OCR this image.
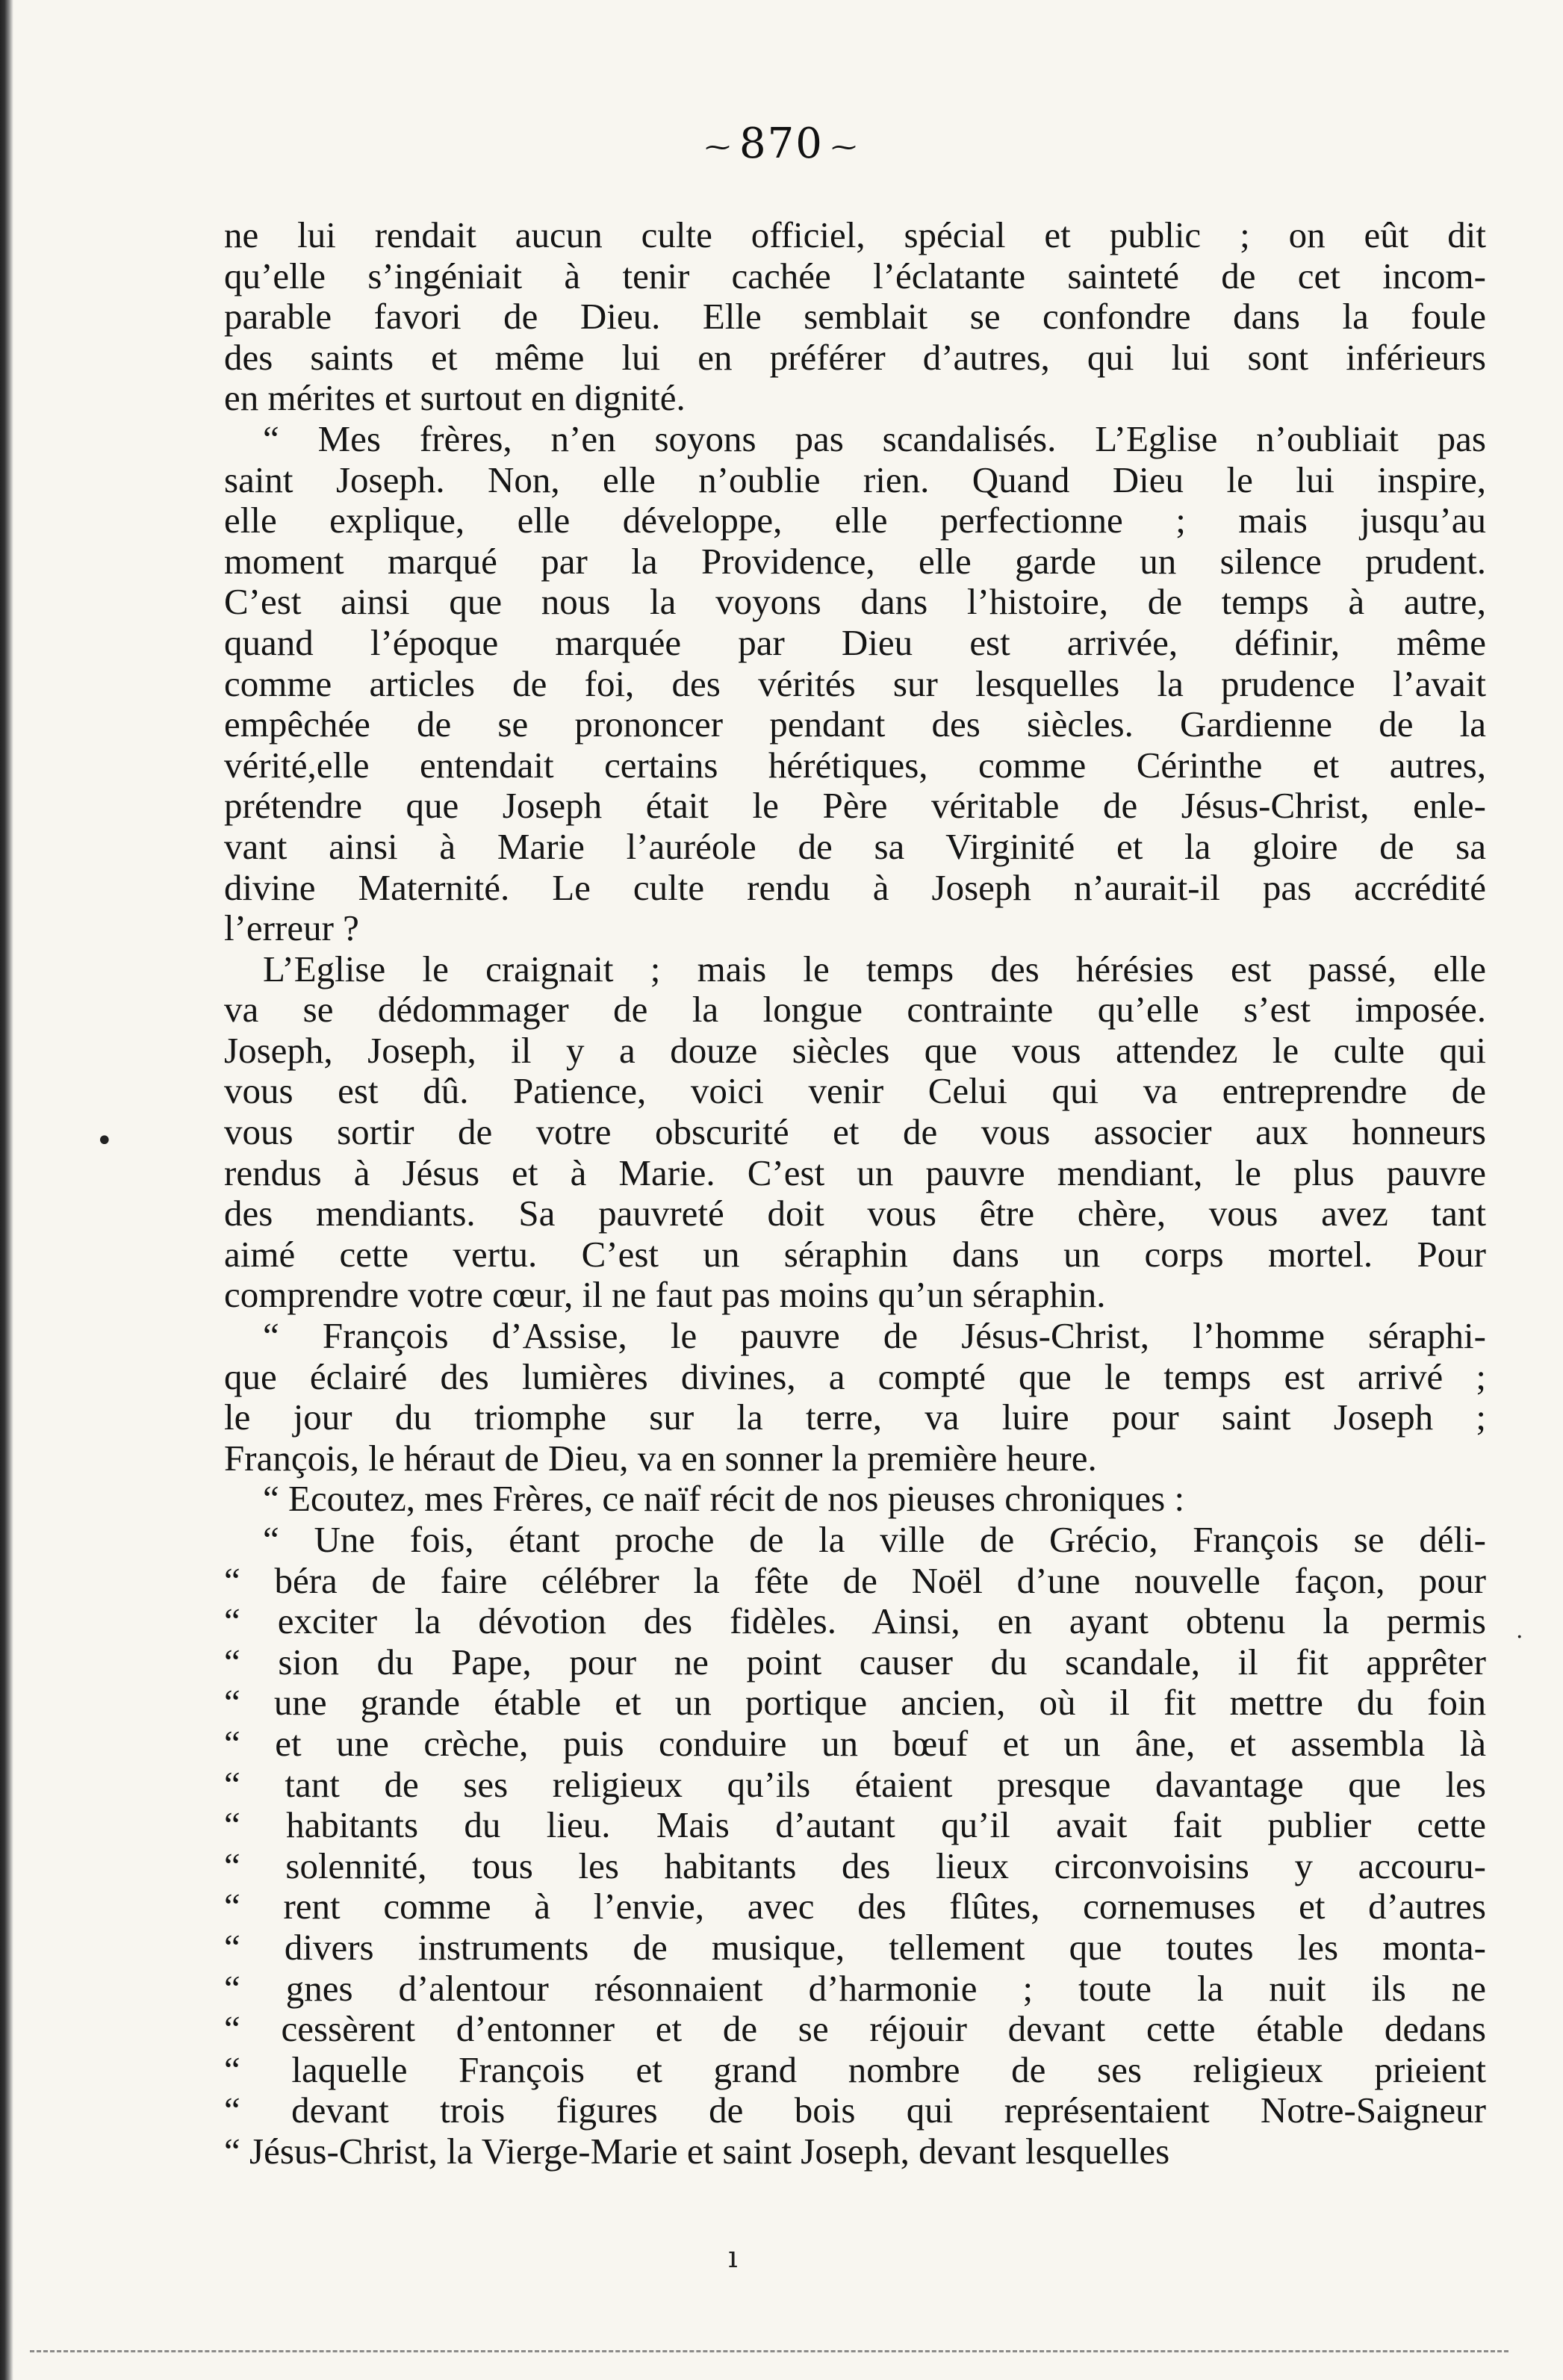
⁓ 870 ⁓
ne lui rendait aucun culte officiel, spécial et public ; on eût dit
qu’elle s’ingéniait à tenir cachée l’éclatante sainteté de cet incom-
parable favori de Dieu. Elle semblait se confondre dans la foule
des saints et même lui en préférer d’autres, qui lui sont inférieurs
en mérites et surtout en dignité.
“ Mes frères, n’en soyons pas scandalisés. L’Eglise n’oubliait pas
saint Joseph. Non, elle n’oublie rien. Quand Dieu le lui inspire,
elle explique, elle développe, elle perfectionne ; mais jusqu’au
moment marqué par la Providence, elle garde un silence prudent.
C’est ainsi que nous la voyons dans l’histoire, de temps à autre,
quand l’époque marquée par Dieu est arrivée, définir, même
comme articles de foi, des vérités sur lesquelles la prudence l’avait
empêchée de se prononcer pendant des siècles. Gardienne de la
vérité,elle entendait certains hérétiques, comme Cérinthe et autres,
prétendre que Joseph était le Père véritable de Jésus-Christ, enle-
vant ainsi à Marie l’auréole de sa Virginité et la gloire de sa
divine Maternité. Le culte rendu à Joseph n’aurait-il pas accrédité
l’erreur ?
L’Eglise le craignait ; mais le temps des hérésies est passé, elle
va se dédommager de la longue contrainte qu’elle s’est imposée.
Joseph, Joseph, il y a douze siècles que vous attendez le culte qui
vous est dû. Patience, voici venir Celui qui va entreprendre de
vous sortir de votre obscurité et de vous associer aux honneurs
rendus à Jésus et à Marie. C’est un pauvre mendiant, le plus pauvre
des mendiants. Sa pauvreté doit vous être chère, vous avez tant
aimé cette vertu. C’est un séraphin dans un corps mortel. Pour
comprendre votre cœur, il ne faut pas moins qu’un séraphin.
“ François d’Assise, le pauvre de Jésus-Christ, l’homme séraphi-
que éclairé des lumières divines, a compté que le temps est arrivé ;
le jour du triomphe sur la terre, va luire pour saint Joseph ;
François, le héraut de Dieu, va en sonner la première heure.
“ Ecoutez, mes Frères, ce naïf récit de nos pieuses chroniques :
“ Une fois, étant proche de la ville de Grécio, François se déli-
“ béra de faire célébrer la fête de Noël d’une nouvelle façon, pour
“ exciter la dévotion des fidèles. Ainsi, en ayant obtenu la permis
“ sion du Pape, pour ne point causer du scandale, il fit apprêter
“ une grande étable et un portique ancien, où il fit mettre du foin
“ et une crèche, puis conduire un bœuf et un âne, et assembla là
“ tant de ses religieux qu’ils étaient presque davantage que les
“ habitants du lieu. Mais d’autant qu’il avait fait publier cette
“ solennité, tous les habitants des lieux circonvoisins y accouru-
“ rent comme à l’envie, avec des flûtes, cornemuses et d’autres
“ divers instruments de musique, tellement que toutes les monta-
“ gnes d’alentour résonnaient d’harmonie ; toute la nuit ils ne
“ cessèrent d’entonner et de se réjouir devant cette étable dedans
“ laquelle François et grand nombre de ses religieux prieient
“ devant trois figures de bois qui représentaient Notre-Saigneur
“ Jésus-Christ, la Vierge-Marie et saint Joseph, devant lesquelles
•
·
ı
